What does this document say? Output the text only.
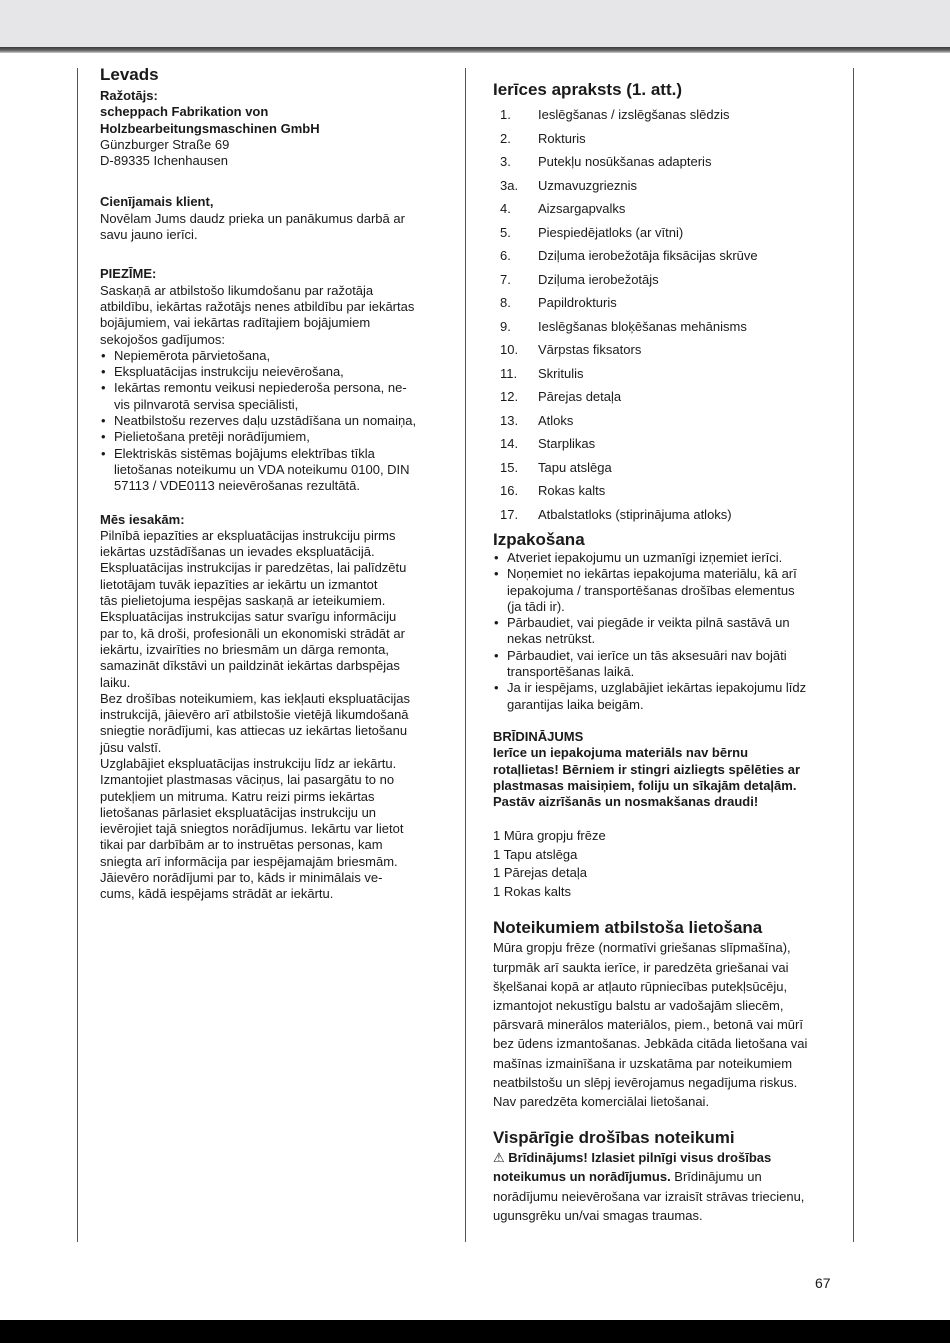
Levads

Ražotājs:

scheppach Fabrikation von

Holzbearbeitungsmaschinen GmbH

Günzburger Straße 69

D-89335 Ichenhausen

Cienījamais klient,

Novēlam Jums daudz prieka un panākumus darbā ar

savu jauno ierīci.

PIEZĪME:

Saskaņā ar atbilstošo likumdošanu par ražotāja

atbildību, iekārtas ražotājs nenes atbildību par iekārtas

bojājumiem, vai iekārtas radītajiem bojājumiem

sekojošos gadījumos:

• Nepiemērota pārvietošana,
• Ekspluatācijas instrukciju neievērošana,
• Iekārtas remontu veikusi nepiederoša persona, ne-
vis pilnvarotā servisa speciālisti,
• Neatbilstošu rezerves daļu uzstādīšana un nomaiņa,
• Pielietošana pretēji norādījumiem,
• Elektriskās sistēmas bojājums elektrības tīkla
lietošanas noteikumu un VDA noteikumu 0100, DIN
57113 / VDE0113 neievērošanas rezultātā.

Mēs iesakām:

Pilnībā iepazīties ar ekspluatācijas instrukciju pirms

iekārtas uzstādīšanas un ievades ekspluatācijā.

Ekspluatācijas instrukcijas ir paredzētas, lai palīdzētu

lietotājam tuvāk iepazīties ar iekārtu un izmantot

tās pielietojuma iespējas saskaņā ar ieteikumiem.

Ekspluatācijas instrukcijas satur svarīgu informāciju

par to, kā droši, profesionāli un ekonomiski strādāt ar

iekārtu, izvairīties no briesmām un dārga remonta,

samazināt dīkstāvi un paildzināt iekārtas darbspējas

laiku.

Bez drošības noteikumiem, kas iekļauti ekspluatācijas

instrukcijā, jāievēro arī atbilstošie vietējā likumdošanā

sniegtie norādījumi, kas attiecas uz iekārtas lietošanu

jūsu valstī.

Uzglabājiet ekspluatācijas instrukciju līdz ar iekārtu.

Izmantojiet plastmasas vāciņus, lai pasargātu to no

putekļiem un mitruma. Katru reizi pirms iekārtas

lietošanas pārlasiet ekspluatācijas instrukciju un

ievērojiet tajā sniegtos norādījumus. Iekārtu var lietot

tikai par darbībām ar to instruētas personas, kam

sniegta arī informācija par iespējamajām briesmām.

Jāievēro norādījumi par to, kāds ir minimālais ve-

cums, kādā iespējams strādāt ar iekārtu.

Ierīces apraksts (1. att.)
1.	Ieslēgšanas / izslēgšanas slēdzis
2.	Rokturis
3.	Putekļu nosūkšanas adapteris
3a.	Uzmavuzgrieznis
4.	Aizsargapvalks
5.	Piespiedējatloks (ar vītni)
6.	Dziļuma ierobežotāja fiksācijas skrūve
7.	Dziļuma ierobežotājs
8.	Papildrokturis
9.	Ieslēgšanas bloķēšanas mehānisms
10.	Vārpstas fiksators
11.	Skritulis
12.	Pārejas detaļa
13.	Atloks
14.	Starplikas
15.	Tapu atslēga
16.	Rokas kalts
17.	Atbalstatloks (stiprinājuma atloks)
Izpakošana
• Atveriet iepakojumu un uzmanīgi izņemiet ierīci.
• Noņemiet no iekārtas iepakojuma materiālu, kā arī
iepakojuma / transportēšanas drošības elementus
(ja tādi ir).
• Pārbaudiet, vai piegāde ir veikta pilnā sastāvā un
nekas netrūkst.
• Pārbaudiet, vai ierīce un tās aksesuāri nav bojāti
transportēšanas laikā.
• Ja ir iespējams, uzglabājiet iekārtas iepakojumu līdz
garantijas laika beigām.

BRĪDINĀJUMS

Ierīce un iepakojuma materiāls nav bērnu

rotaļlietas! Bērniem ir stingri aizliegts spēlēties ar

plastmasas maisiņiem, foliju un sīkajām detaļām.

Pastāv aizrīšanās un nosmakšanas draudi!

1 Mūra gropju frēze
1 Tapu atslēga
1 Pārejas detaļa
1 Rokas kalts
Noteikumiem atbilstoša lietošana

Mūra gropju frēze (normatīvi griešanas slīpmašīna),

turpmāk arī saukta ierīce, ir paredzēta griešanai vai

šķelšanai kopā ar atļauto rūpniecības putekļsūcēju,

izmantojot nekustīgu balstu ar vadošajām sliecēm,

pārsvarā minerālos materiālos, piem., betonā vai mūrī

bez ūdens izmantošanas. Jebkāda citāda lietošana vai

mašīnas izmainīšana ir uzskatāma par noteikumiem

neatbilstošu un slēpj ievērojamus negadījuma riskus.

Nav paredzēta komerciālai lietošanai.

Vispārīgie drošības noteikumi

⚠ Brīdinājums! Izlasiet pilnīgi visus drošības

noteikumus un norādījumus. Brīdinājumu un

norādījumu neievērošana var izraisīt strāvas triecienu,

ugunsgrēku un/vai smagas traumas.

67
